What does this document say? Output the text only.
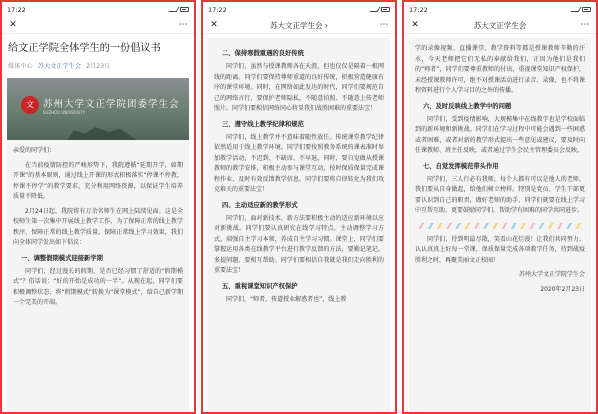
17:22
✕	⋯
给文正学院全体学生的一份倡议书
媒体中心 苏大文正学生会 2月23日
文 苏州大学文正学院团委学生会
SUZHOU UNIVERSITY

亲爱的同学们：

在当前疫情防控的严峻形势下，我院遵循“延期开学，如期开课”的基本原则，通过线上开课的形式积极落实“停课不停教，停课不停学”的教学要求，充分利用网络资源，以保证学生培养质量不降低。

2月24日起，我院将有万余名师生在网上陆续见面。这是全校师生第一次集中开展线上教学工作，为了保障正常的线上教学秩序，保障正常的线上教学质量，保障正常线上学习效果，我们向全体同学发出如下倡议：

一、调整假期模式迎接新学期

同学们，经过漫长的假期，是否已经习惯了舒适的“假期模式”？俗话说：“好的开始是成功的一半”。从现在起，同学们要积极调整状态，将“假期模式”转换为“课堂模式”，给自己新学期一个完美的开端。

17:22
✕	苏大文正学生会 ›	⋯
二、保持寒假重遇的良好传统

同学们，虽然与授课教师各在天涯，但也仅仅是隔着一根网线的距离。同学们要保持尊师重道的良好传统，积极营造健康有序的课堂环境。同时，在网络如此发达的时代，同学们要规范自己的网络言行，要保护老师隐私，不随意拍照、不随意上传老师照片。同学们要相信网络同心将显我们战胜困难的重要法宝！

三、遵守线上教学纪律和规范

同学们，线上教学并不意味着随性放任。传统课堂教学纪律依然适用于线上教学环境。同学们要按照教务系统的课表准时参加教学活动，不迟到、不缺席、不早退。同时，要自觉做从授课教师的教学安排，积极主动参与课堂互动，按时保质保量完成课程作业，及时有效反馈教学信息。同学们要将自律转化为我们攻克难关的重要法宝！

四、主动适应新的教学形式

同学们，面对新技术、新方法要积极主动的适应新环境以应对新挑战。同学们要认真研究在线学习特点，主动调整学习方式，端强自主学习本领，养成自主学习习惯。课堂上，同学们要掌握运用各类在线教学平台进行教学反馈的方法，要勤记笔记，多提问题、要相互帮助、同学们要相信自我就是我们走向胜利的重要法宝！

五、重视课堂知识产权保护

同学们，“师者，传道授业解惑者也”，线上教

17:22
✕	苏大文正学生会	⋯

学的录像视频、直播课堂、教学资料等都是授课教师辛勤的汗水，今天老师把它们无私的奉献给我们，正因为他们是我们的“师者”，同学们要尊重教师的付出，重视课堂知识产权保护，未经授课教师许可，绝不对授课活动进行录音、录像，也不将课程资料进行个人学习目的之外的传播。

六、及时反映线上教学中的问题

同学们，受到疫情影响，大规模集中在线教学也是学校面临到的新环境和新挑战。同学们在学习过程中可能会遇到一些困惑或者困难，或者对新的教学形式提出一些意见或建议，要及时向任课教师、班主任反映，或者通过学生会民主管理委员会反映。

七、自觉发挥模范带头作用

同学们，三人行必有我师，每个人都有可以是他人的老师。我们要从自身做起，给他们树立榜样。特别是党员、学生干部更要认识到自己的职责，做好老师的助手，同学们就要在线上学习中互帮互助、更要鼓励同学们，帮助学有困难的同学共同进步。

同学们，待到明最尽散，笑看山花烂漫！让我们共同努力，认认真真上好每一堂课，保质保量完成各项教学任务，待到战疫胜利之时，再聚美丽文正校园！

苏州大学文正学院学生会

2020年2月23日
